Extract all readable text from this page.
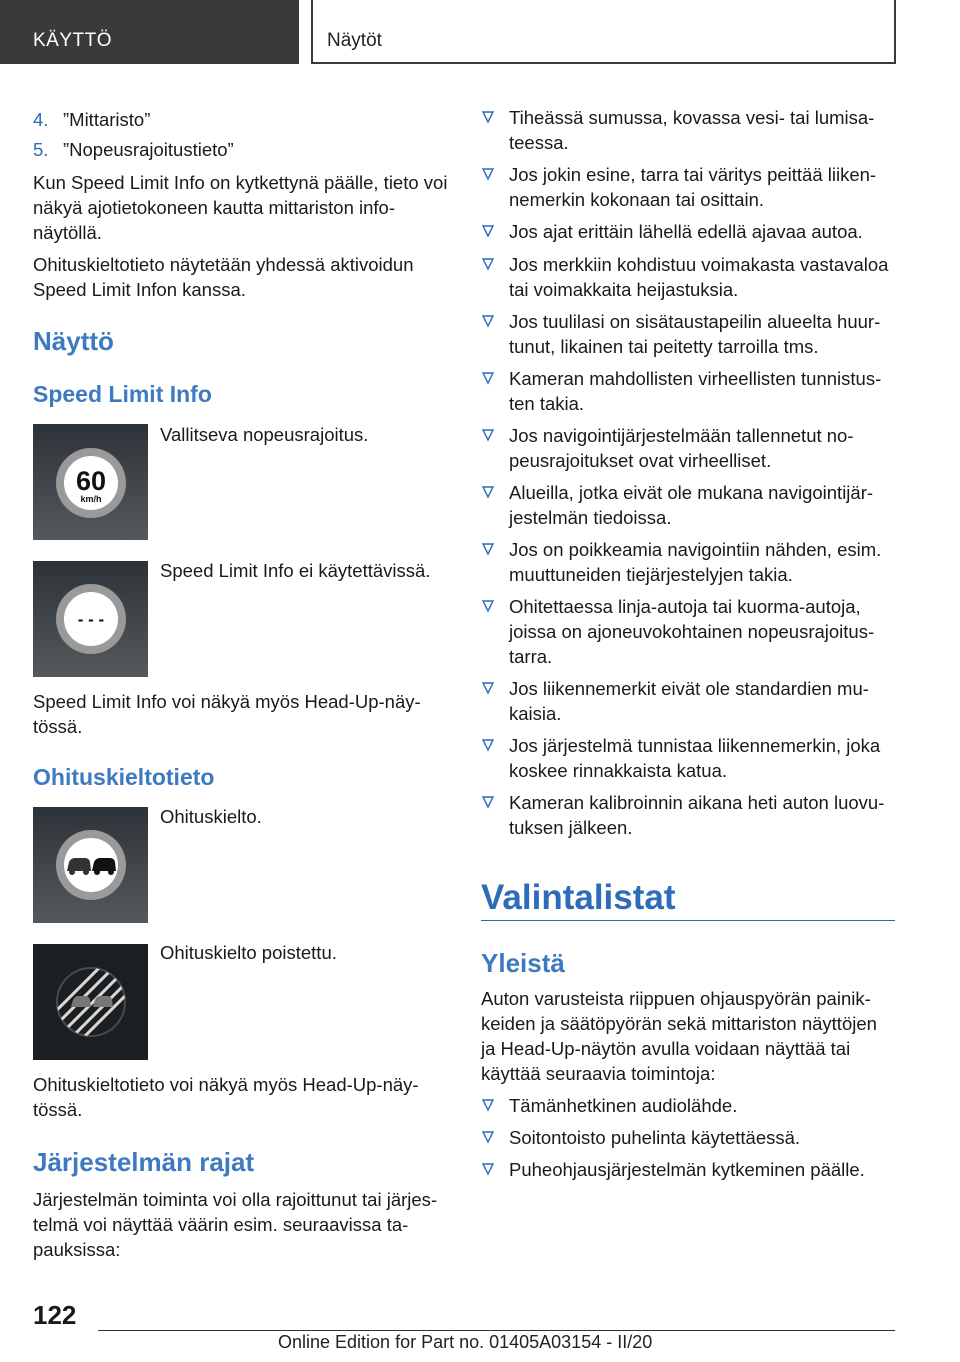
KÄYTTÖ	Näytöt

4. ”Mittaristo”

5. ”Nopeusrajoitustieto”

Kun Speed Limit Info on kytkettynä päälle, tieto voi näkyä ajotietokoneen kautta mittariston infonäytöllä.

Ohituskieltotieto näytetään yhdessä aktivoidun Speed Limit Infon kanssa.

Näyttö
Speed Limit Info
60
km/h

Vallitseva nopeusrajoitus.

- - -

Speed Limit Info ei käytettävissä.

Speed Limit Info voi näkyä myös Head-Up-näytössä.

Ohituskieltotieto

Ohituskielto.

Ohituskielto poistettu.

Ohituskieltotieto voi näkyä myös Head-Up-näytössä.

Järjestelmän rajat

Järjestelmän toiminta voi olla rajoittunut tai järjestelmä voi näyttää väärin esim. seuraavissa tapauksissa:

Tiheässä sumussa, kovassa vesi- tai lumisateessa.
Jos jokin esine, tarra tai väritys peittää liikennemerkin kokonaan tai osittain.
Jos ajat erittäin lähellä edellä ajavaa autoa.
Jos merkkiin kohdistuu voimakasta vastavaloa tai voimakkaita heijastuksia.
Jos tuulilasi on sisätaustapeilin alueelta huurtunut, likainen tai peitetty tarroilla tms.
Kameran mahdollisten virheellisten tunnistusten takia.
Jos navigointijärjestelmään tallennetut nopeusrajoitukset ovat virheelliset.
Alueilla, jotka eivät ole mukana navigointijärjestelmän tiedoissa.
Jos on poikkeamia navigointiin nähden, esim. muuttuneiden tiejärjestelyjen takia.
Ohitettaessa linja-autoja tai kuorma-autoja, joissa on ajoneuvokohtainen nopeusrajoitustarra.
Jos liikennemerkit eivät ole standardien mukaisia.
Jos järjestelmä tunnistaa liikennemerkin, joka koskee rinnakkaista katua.
Kameran kalibroinnin aikana heti auton luovutuksen jälkeen.
Valintalistat
Yleistä

Auton varusteista riippuen ohjauspyörän painikkeiden ja säätöpyörän sekä mittariston näyttöjen ja Head-Up-näytön avulla voidaan näyttää tai käyttää seuraavia toimintoja:

Tämänhetkinen audiolähde.
Soitontoisto puhelinta käytettäessä.
Puheohjausjärjestelmän kytkeminen päälle.
122
Online Edition for Part no. 01405A03154 - II/20
